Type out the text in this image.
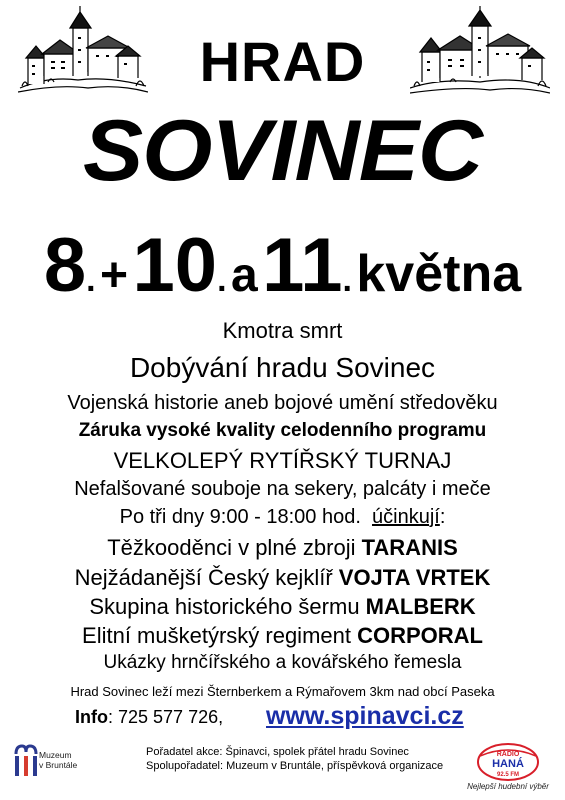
HRAD
SOVINEC
8. + 10. a 11. května
Kmotra smrt
Dobývání hradu Sovinec
Vojenská historie aneb bojové umění středověku
Záruka vysoké kvality celodenního programu
VELKOLEPÝ RYTÍŘSKÝ TURNAJ
Nefalšované souboje na sekery, palcáty i meče
Po tři dny 9:00 - 18:00 hod. účinkují:
Těžkooděnci v plné zbroji TARANIS
Nejžádanější Český kejklíř VOJTA VRTEK
Skupina historického šermu MALBERK
Elitní mušketýrský regiment CORPORAL
Ukázky hrnčířského a kovářského řemesla
Hrad Sovinec leží mezi Šternberkem a Rýmařovem 3km nad obcí Paseka
Info: 725 577 726, www.spinavci.cz
Muzeum
v Bruntále
Pořadatel akce: Špinavci, spolek přátel hradu Sovinec
Spolupořadatel: Muzeum v Bruntále, příspěvková organizace
RADIO
HANÁ
92.5 FM
Nejlepší hudební výběr
